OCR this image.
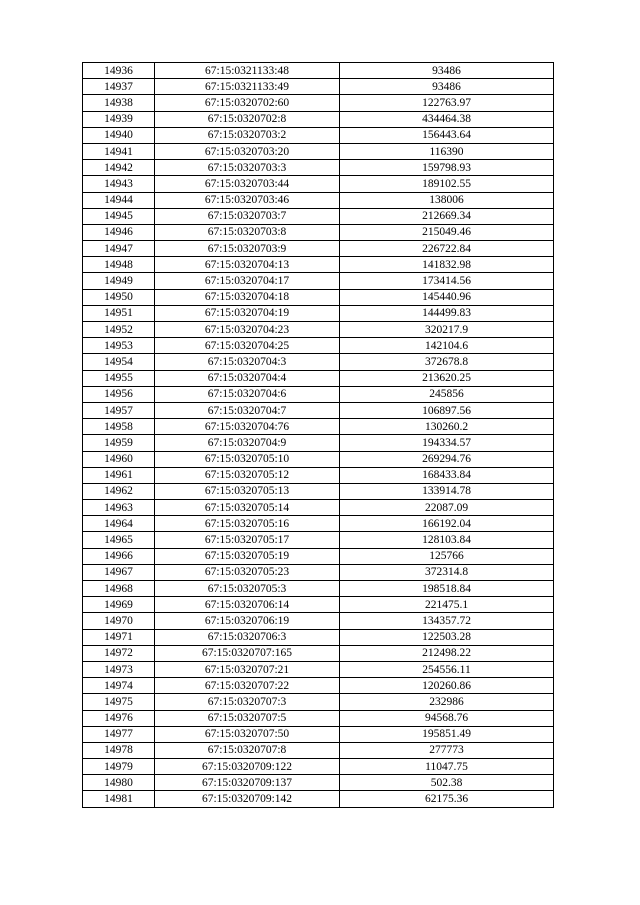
14936	67:15:0321133:48	93486
14937	67:15:0321133:49	93486
14938	67:15:0320702:60	122763.97
14939	67:15:0320702:8	434464.38
14940	67:15:0320703:2	156443.64
14941	67:15:0320703:20	116390
14942	67:15:0320703:3	159798.93
14943	67:15:0320703:44	189102.55
14944	67:15:0320703:46	138006
14945	67:15:0320703:7	212669.34
14946	67:15:0320703:8	215049.46
14947	67:15:0320703:9	226722.84
14948	67:15:0320704:13	141832.98
14949	67:15:0320704:17	173414.56
14950	67:15:0320704:18	145440.96
14951	67:15:0320704:19	144499.83
14952	67:15:0320704:23	320217.9
14953	67:15:0320704:25	142104.6
14954	67:15:0320704:3	372678.8
14955	67:15:0320704:4	213620.25
14956	67:15:0320704:6	245856
14957	67:15:0320704:7	106897.56
14958	67:15:0320704:76	130260.2
14959	67:15:0320704:9	194334.57
14960	67:15:0320705:10	269294.76
14961	67:15:0320705:12	168433.84
14962	67:15:0320705:13	133914.78
14963	67:15:0320705:14	22087.09
14964	67:15:0320705:16	166192.04
14965	67:15:0320705:17	128103.84
14966	67:15:0320705:19	125766
14967	67:15:0320705:23	372314.8
14968	67:15:0320705:3	198518.84
14969	67:15:0320706:14	221475.1
14970	67:15:0320706:19	134357.72
14971	67:15:0320706:3	122503.28
14972	67:15:0320707:165	212498.22
14973	67:15:0320707:21	254556.11
14974	67:15:0320707:22	120260.86
14975	67:15:0320707:3	232986
14976	67:15:0320707:5	94568.76
14977	67:15:0320707:50	195851.49
14978	67:15:0320707:8	277773
14979	67:15:0320709:122	11047.75
14980	67:15:0320709:137	502.38
14981	67:15:0320709:142	62175.36
